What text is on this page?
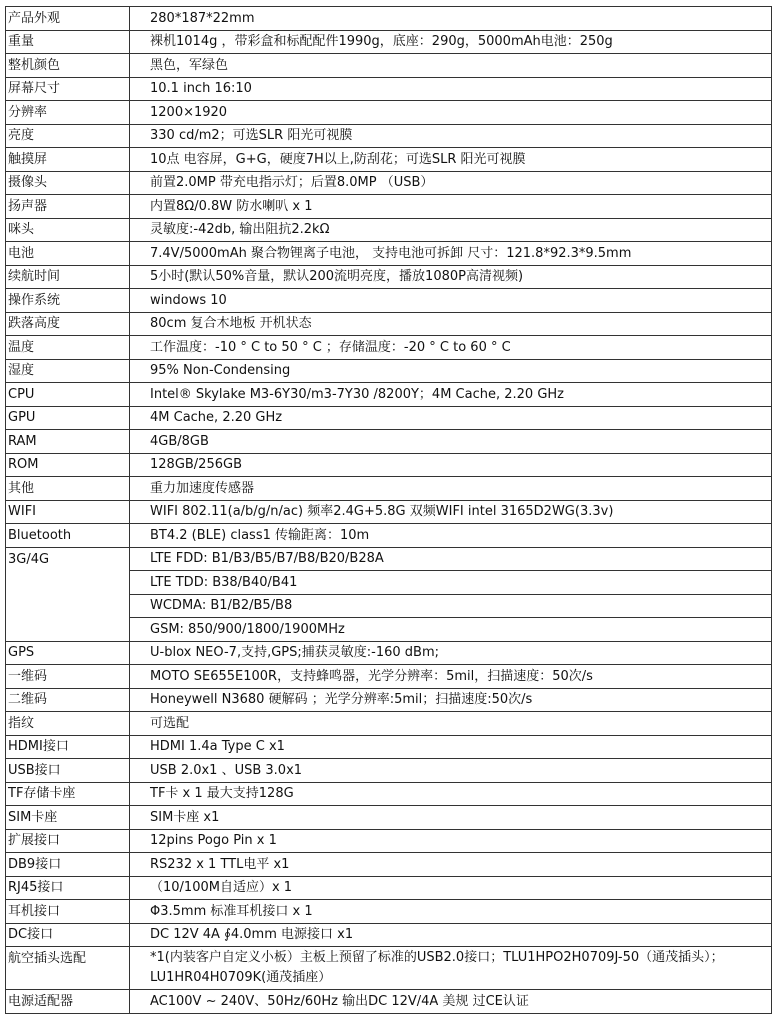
产品外观	280*187*22mm
重量	裸机1014g ，带彩盒和标配配件1990g，底座：290g，5000mAh电池：250g
整机颜色	黑色，军绿色
屏幕尺寸	10.1 inch 16:10
分辨率	1200×1920
亮度	330 cd/m2；可选SLR 阳光可视膜
触摸屏	10点 电容屏，G+G，硬度7H以上,防刮花；可选SLR 阳光可视膜
摄像头	前置2.0MP 带充电指示灯；后置8.0MP （USB）
扬声器	内置8Ω/0.8W 防水喇叭 x 1
咪头	灵敏度:-42db, 输出阻抗2.2kΩ
电池	7.4V/5000mAh 聚合物锂离子电池， 支持电池可拆卸 尺寸：121.8*92.3*9.5mm
续航时间	5小时(默认50%音量，默认200流明亮度，播放1080P高清视频)
操作系统	windows 10
跌落高度	80cm 复合木地板 开机状态
温度	工作温度：-10 ° C to 50 ° C ；存储温度：-20 ° C to 60 ° C
湿度	95% Non-Condensing
CPU	Intel® Skylake M3-6Y30/m3-7Y30 /8200Y；4M Cache, 2.20 GHz
GPU	4M Cache, 2.20 GHz
RAM	4GB/8GB
ROM	128GB/256GB
其他	重力加速度传感器
WIFI	WIFI 802.11(a/b/g/n/ac) 频率2.4G+5.8G 双频WIFI intel 3165D2WG(3.3v)
Bluetooth	BT4.2 (BLE) class1 传输距离：10m
3G/4G	LTE FDD: B1/B3/B5/B7/B8/B20/B28A
	LTE TDD: B38/B40/B41
	WCDMA: B1/B2/B5/B8
	GSM: 850/900/1800/1900MHz
GPS	U-blox NEO-7,支持,GPS;捕获灵敏度:-160 dBm;
一维码	MOTO SE655E100R，支持蜂鸣器，光学分辨率：5mil，扫描速度：50次/s
二维码	Honeywell N3680 硬解码 ；光学分辨率:5mil；扫描速度:50次/s
指纹	可选配
HDMI接口	HDMI 1.4a Type C x1
USB接口	USB 2.0x1 、USB 3.0x1
TF存储卡座	TF卡 x 1 最大支持128G
SIM卡座	SIM卡座 x1
扩展接口	12pins Pogo Pin x 1
DB9接口	RS232 x 1 TTL电平 x1
RJ45接口	（10/100M自适应）x 1
耳机接口	Φ3.5mm 标准耳机接口 x 1
DC接口	DC 12V 4A ∮4.0mm 电源接口 x1
航空插头选配	*1(内装客户自定义小板）主板上预留了标准的USB2.0接口；TLU1HPO2H0709J-50（通茂插头）；LU1HR04H0709K(通茂插座）
电源适配器	AC100V ~ 240V、50Hz/60Hz 输出DC 12V/4A 美规 过CE认证
